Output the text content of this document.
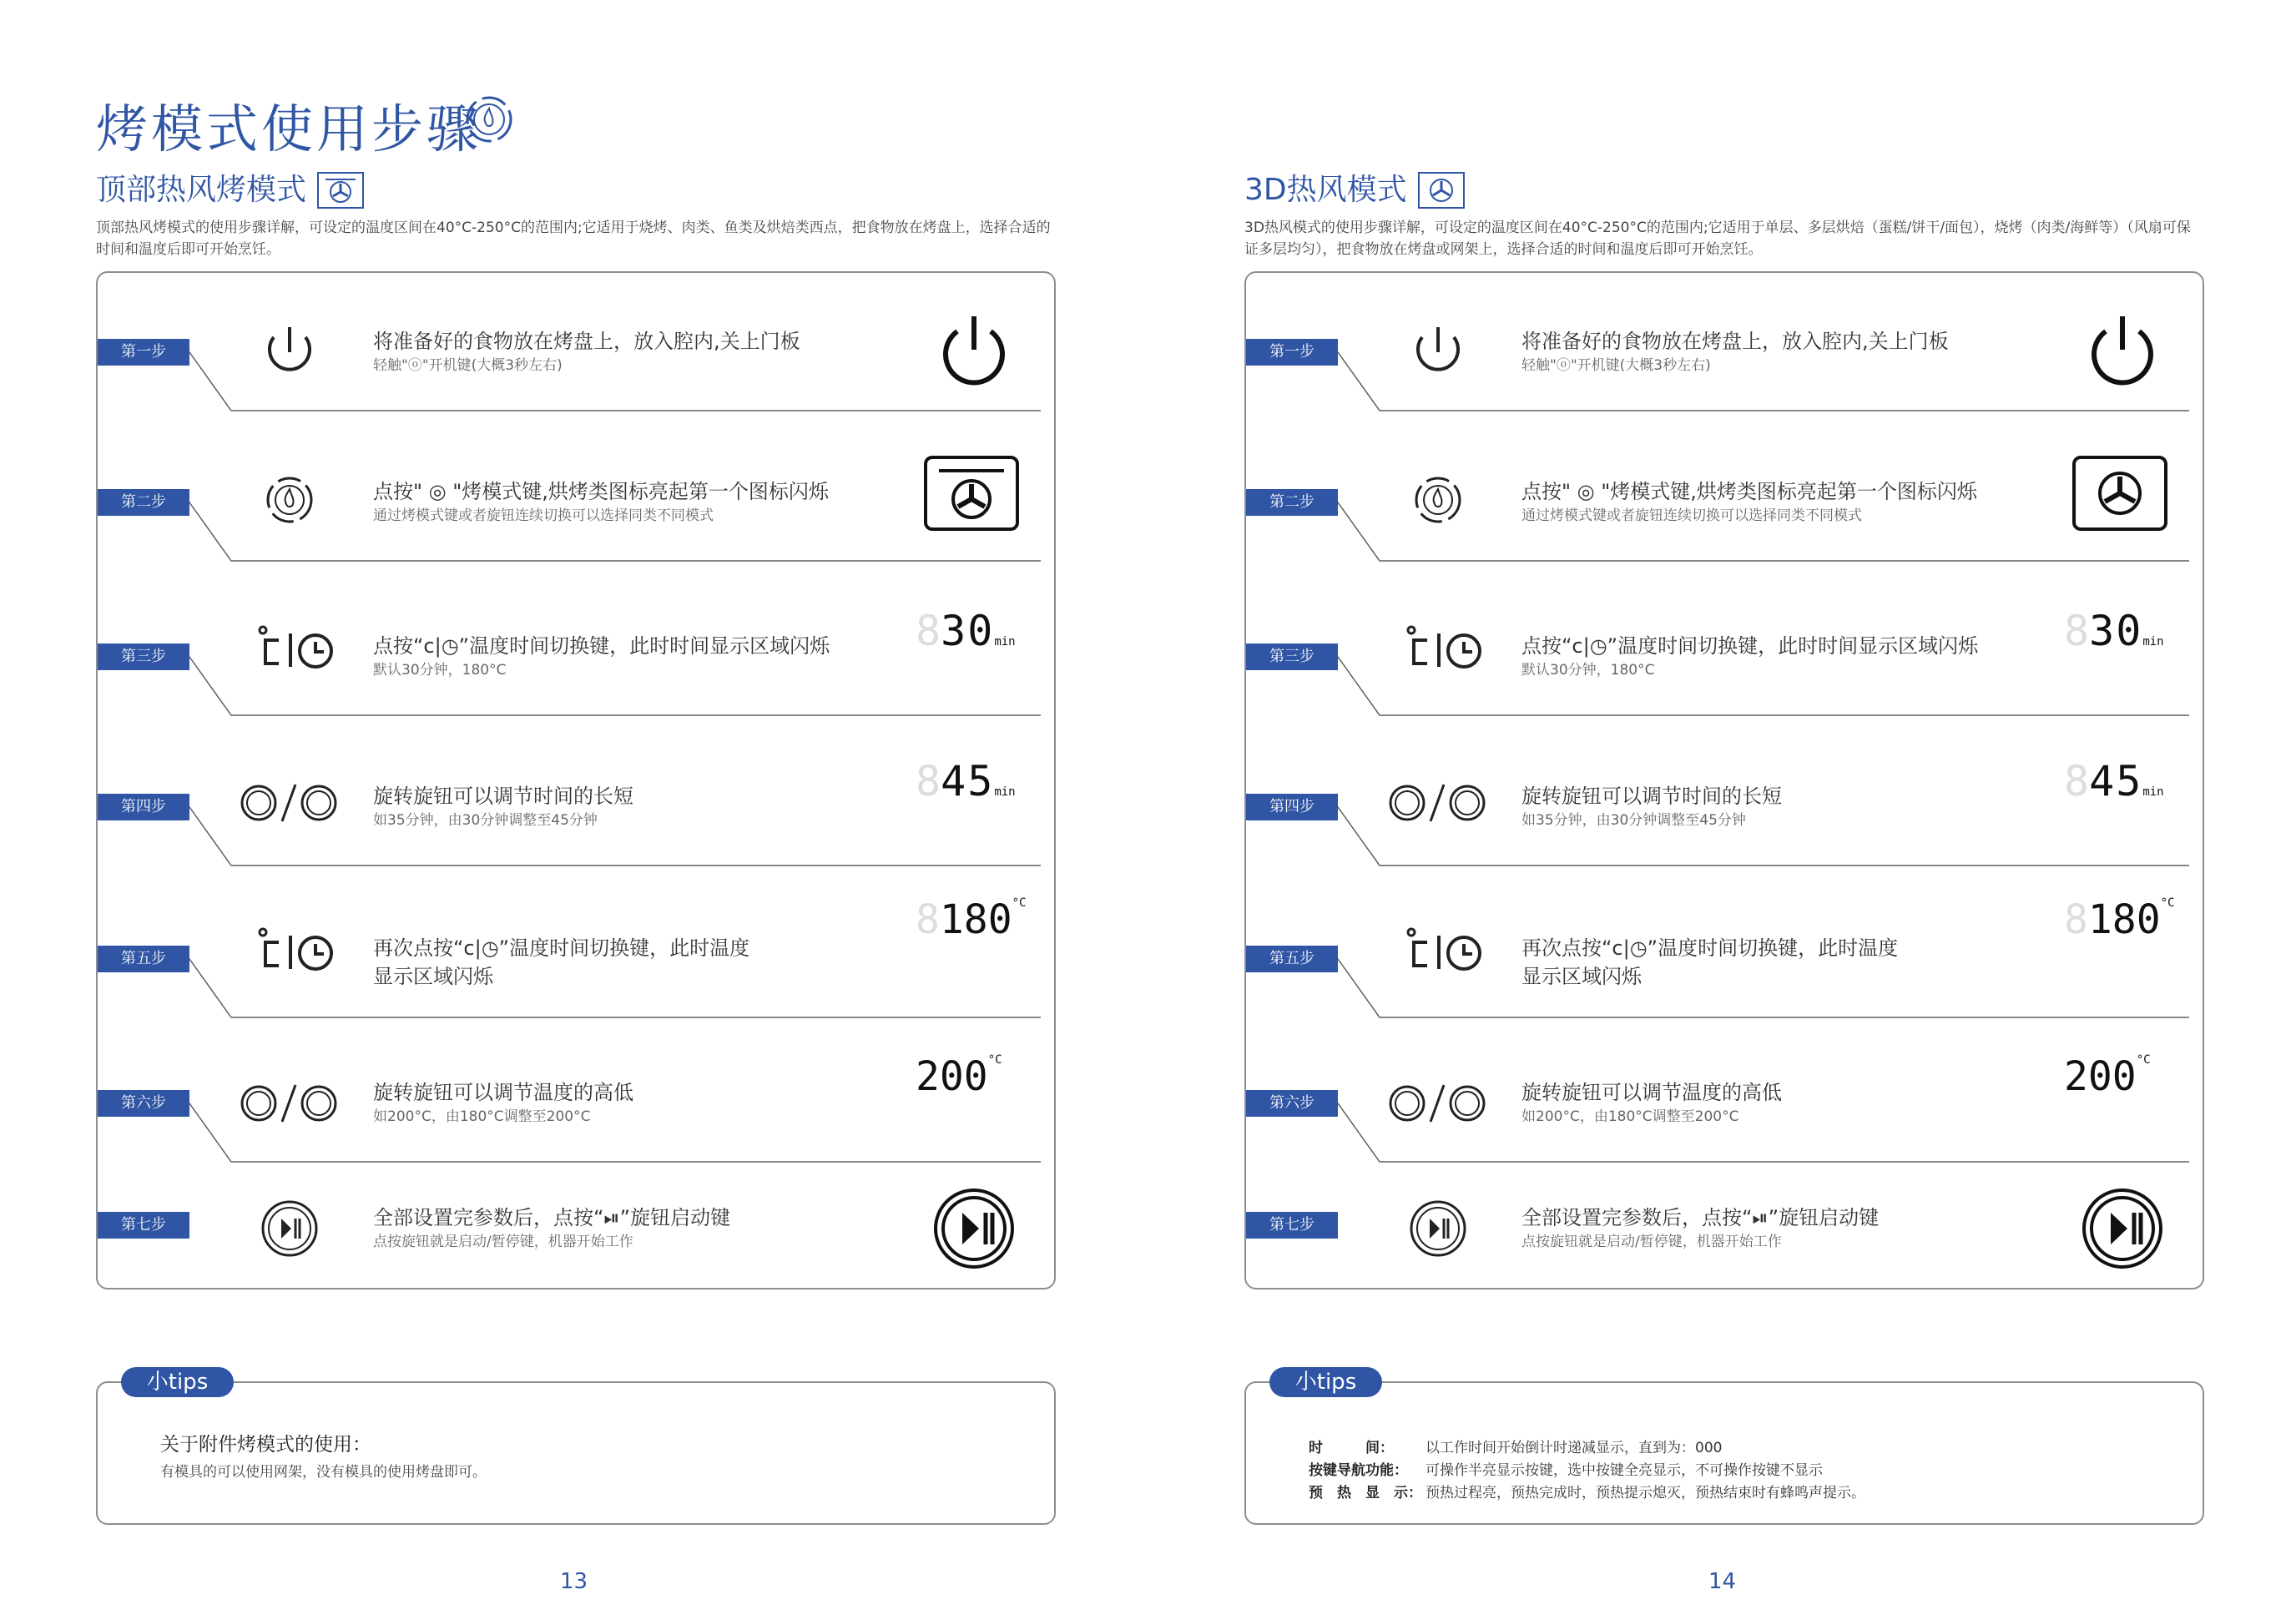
烤模式使用步骤
顶部热风烤模式

顶部热风烤模式的使用步骤详解，可设定的温度区间在40°C-250°C的范围内;它适用于烧烤、肉类、鱼类及烘焙类西点，把食物放在烤盘上，选择合适的时间和温度后即可开始烹饪。

第一步	将准备好的食物放在烤盘上，放入腔内,关上门板
轻触"ⓞ"开机键(大概3秒左右)
第二步	点按" ◎ "烤模式键,烘烤类图标亮起第一个图标闪烁
通过烤模式键或者旋钮连续切换可以选择同类不同模式
第三步	点按“c|◷”温度时间切换键，此时时间显示区域闪烁
默认30分钟，180°C
830min
第四步	旋转旋钮可以调节时间的长短
如35分钟，由30分钟调整至45分钟
845min
第五步	再次点按“c|◷”温度时间切换键，此时温度
显示区域闪烁
8180°C
第六步	旋转旋钮可以调节温度的高低
如200°C，由180°C调整至200°C
200°C
第七步	全部设置完参数后，点按“⏯”旋钮启动键
点按旋钮就是启动/暂停键，机器开始工作
关于附件烤模式的使用：
有模具的可以使用网架，没有模具的使用烤盘即可。
小tips
13
3D热风模式

3D热风模式的使用步骤详解，可设定的温度区间在40°C-250°C的范围内;它适用于单层、多层烘焙（蛋糕/饼干/面包），烧烤（肉类/海鲜等）（风扇可保证多层均匀），把食物放在烤盘或网架上，选择合适的时间和温度后即可开始烹饪。

第一步	将准备好的食物放在烤盘上，放入腔内,关上门板
轻触"ⓞ"开机键(大概3秒左右)
第二步	点按" ◎ "烤模式键,烘烤类图标亮起第一个图标闪烁
通过烤模式键或者旋钮连续切换可以选择同类不同模式
第三步	点按“c|◷”温度时间切换键，此时时间显示区域闪烁
默认30分钟，180°C
830min
第四步	旋转旋钮可以调节时间的长短
如35分钟，由30分钟调整至45分钟
845min
第五步	再次点按“c|◷”温度时间切换键，此时温度
显示区域闪烁
8180°C
第六步	旋转旋钮可以调节温度的高低
如200°C，由180°C调整至200°C
200°C
第七步	全部设置完参数后，点按“⏯”旋钮启动键
点按旋钮就是启动/暂停键，机器开始工作
时　　　间： 以工作时间开始倒计时递减显示，直到为：000
按键导航功能： 可操作半亮显示按键，选中按键全亮显示，不可操作按键不显示
预　热　显　示： 预热过程亮，预热完成时，预热提示熄灭，预热结束时有蜂鸣声提示。
小tips
14
